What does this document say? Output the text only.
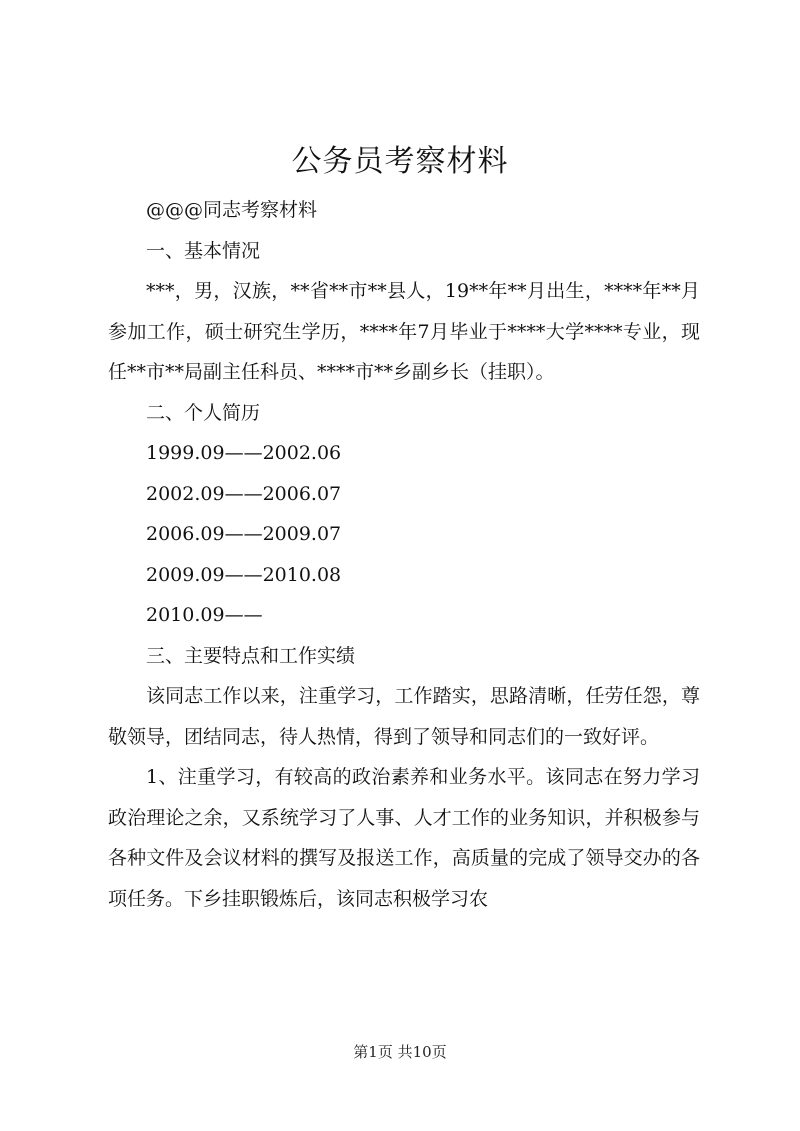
公务员考察材料

@@@同志考察材料

一、基本情况

***，男，汉族，**省**市**县人，19**年**月出生，****年**月参加工作，硕士研究生学历，****年7月毕业于****大学****专业，现任**市**局副主任科员、****市**乡副乡长（挂职）。

二、个人简历

1999.09——2002.06

2002.09——2006.07

2006.09——2009.07

2009.09——2010.08

2010.09——

三、主要特点和工作实绩

该同志工作以来，注重学习，工作踏实，思路清晰，任劳任怨，尊敬领导，团结同志，待人热情，得到了领导和同志们的一致好评。

1、注重学习，有较高的政治素养和业务水平。该同志在努力学习政治理论之余，又系统学习了人事、人才工作的业务知识，并积极参与各种文件及会议材料的撰写及报送工作，高质量的完成了领导交办的各项任务。下乡挂职锻炼后，该同志积极学习农

第1页 共10页
